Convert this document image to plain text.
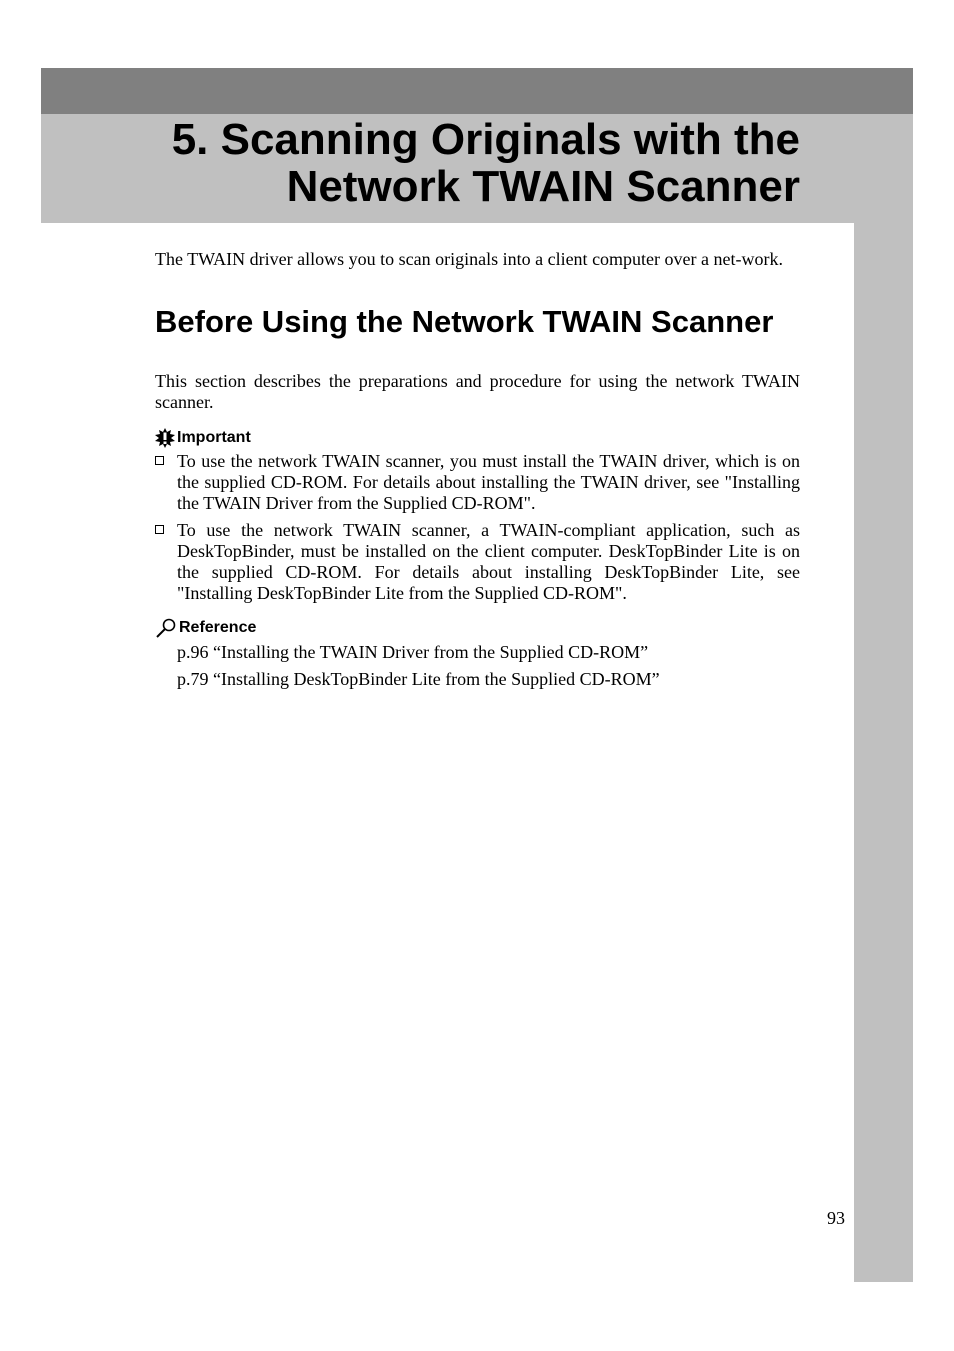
5. Scanning Originals with the
Network TWAIN Scanner

The TWAIN driver allows you to scan originals into a client computer over a net-work.

Before Using the Network TWAIN Scanner

This section describes the preparations and procedure for using the network TWAIN scanner.

Important
To use the network TWAIN scanner, you must install the TWAIN driver, which is on the supplied CD-ROM. For details about installing the TWAIN driver, see "Installing the TWAIN Driver from the Supplied CD-ROM".
To use the network TWAIN scanner, a TWAIN-compliant application, such as DeskTopBinder, must be installed on the client computer. DeskTopBinder Lite is on the supplied CD-ROM. For details about installing DeskTopBinder Lite, see "Installing DeskTopBinder Lite from the Supplied CD-ROM".
Reference
p.96 “Installing the TWAIN Driver from the Supplied CD-ROM”
p.79 “Installing DeskTopBinder Lite from the Supplied CD-ROM”

93
